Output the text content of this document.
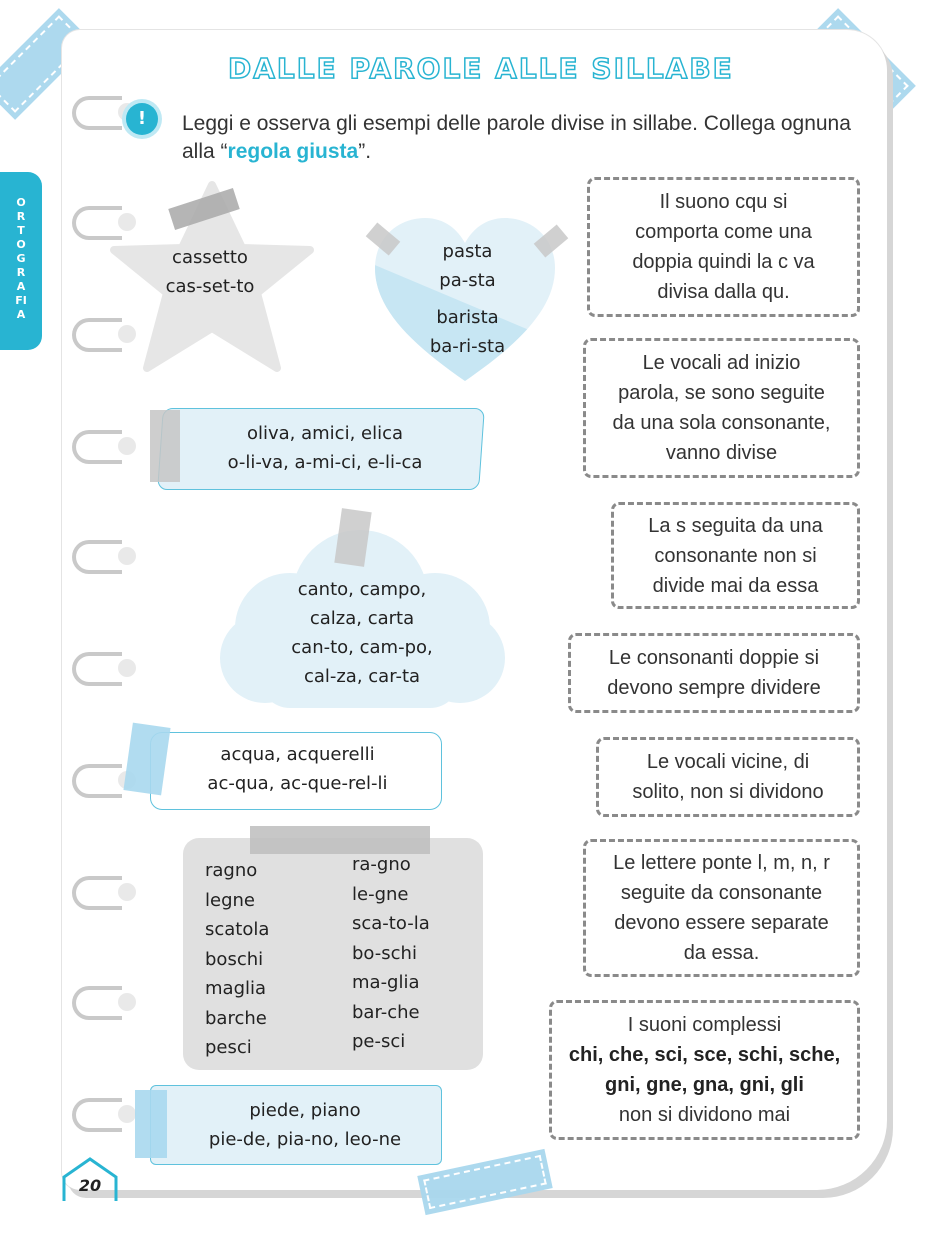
ORTOGRAFIA
DALLE PAROLE ALLE SILLABE
!	Leggi e osserva gli esempi delle parole divise in sillabe. Collega ognuna alla “regola giusta”.
cassetto
cas-set-to
pasta
pa-sta
barista
ba-ri-sta
oliva, amici, elica
o-li-va, a-mi-ci, e-li-ca
canto, campo,
calza, carta
can-to, cam-po,
cal-za, car-ta
acqua, acquerelli
ac-qua, ac-que-rel-li
ragno
legne
scatola
boschi
maglia
barche
pesci
ra-gno
le-gne
sca-to-la
bo-schi
ma-glia
bar-che
pe-sci
piede, piano
pie-de, pia-no, leo-ne
Il suono cqu si
comporta come una
doppia quindi la c va
divisa dalla qu.
Le vocali ad inizio
parola, se sono seguite
da una sola consonante,
vanno divise
La s seguita da una
consonante non si
divide mai da essa
Le consonanti doppie si
devono sempre dividere
Le vocali vicine, di
solito, non si dividono
Le lettere ponte l, m, n, r
seguite da consonante
devono essere separate
da essa.
I suoni complessi
chi, che, sci, sce, schi, sche,
gni, gne, gna, gni, gli
non si dividono mai
20
